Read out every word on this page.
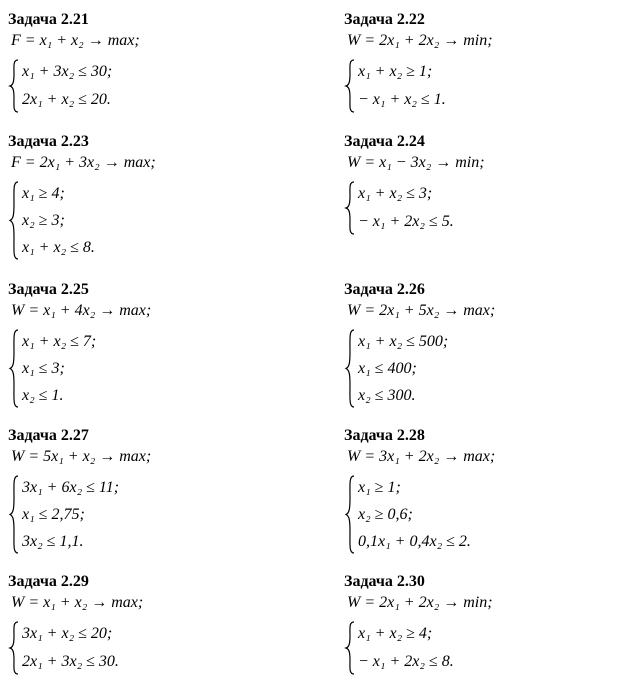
Задача 2.21
F = x₁ + x₂ → max;
x₁ + 3x₂ ≤ 30;
2x₁ + x₂ ≤ 20.
Задача 2.22
W = 2x₁ + 2x₂ → min;
x₁ + x₂ ≥ 1;
− x₁ + x₂ ≤ 1.
Задача 2.23
F = 2x₁ + 3x₂ → max;
x₁ ≥ 4;
x₂ ≥ 3;
x₁ + x₂ ≤ 8.
Задача 2.24
W = x₁ − 3x₂ → min;
x₁ + x₂ ≤ 3;
− x₁ + 2x₂ ≤ 5.
Задача 2.25
W = x₁ + 4x₂ → max;
x₁ + x₂ ≤ 7;
x₁ ≤ 3;
x₂ ≤ 1.
Задача 2.26
W = 2x₁ + 5x₂ → max;
x₁ + x₂ ≤ 500;
x₁ ≤ 400;
x₂ ≤ 300.
Задача 2.27
W = 5x₁ + x₂ → max;
3x₁ + 6x₂ ≤ 11;
x₁ ≤ 2,75;
3x₂ ≤ 1,1.
Задача 2.28
W = 3x₁ + 2x₂ → max;
x₁ ≥ 1;
x₂ ≥ 0,6;
0,1x₁ + 0,4x₂ ≤ 2.
Задача 2.29
W = x₁ + x₂ → max;
3x₁ + x₂ ≤ 20;
2x₁ + 3x₂ ≤ 30.
Задача 2.30
W = 2x₁ + 2x₂ → min;
x₁ + x₂ ≥ 4;
− x₁ + 2x₂ ≤ 8.
